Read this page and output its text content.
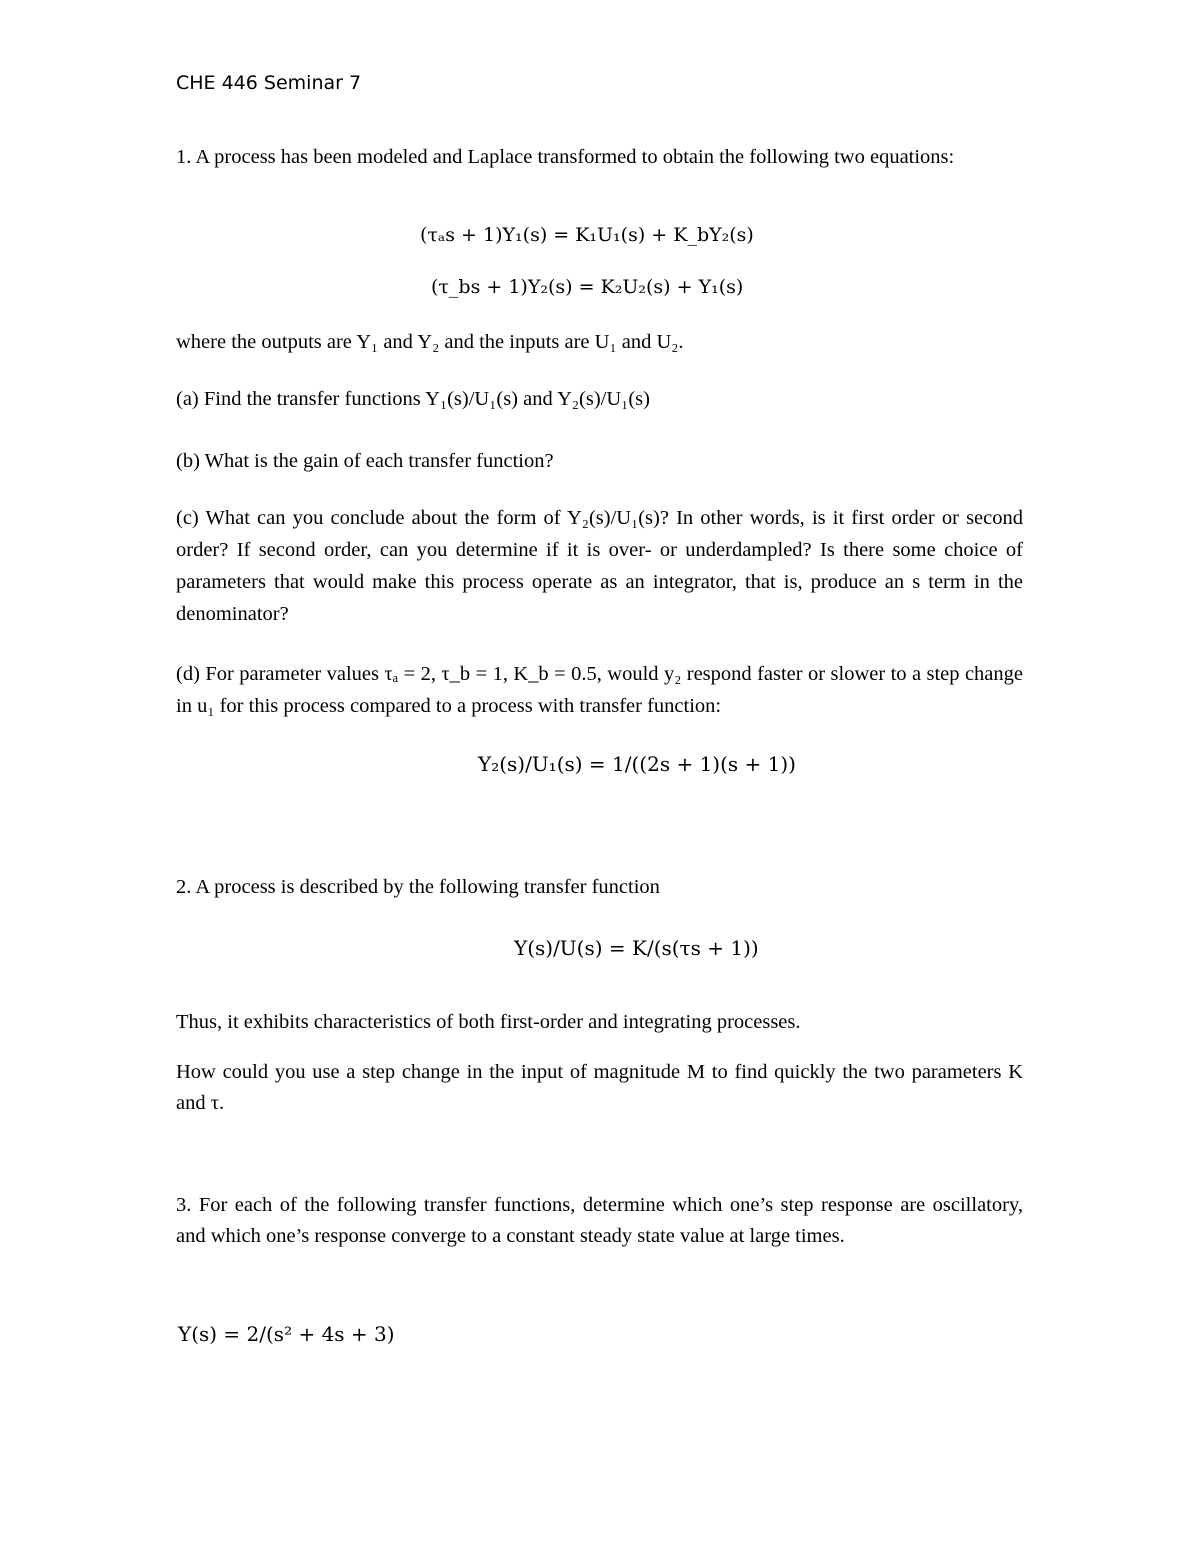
CHE 446 Seminar 7
1. A process has been modeled and Laplace transformed to obtain the following two equations:
(τₐs + 1)Y₁(s) = K₁U₁(s) + K_bY₂(s)
(τ_bs + 1)Y₂(s) = K₂U₂(s) + Y₁(s)
where the outputs are Y₁ and Y₂ and the inputs are U₁ and U₂.
(a) Find the transfer functions Y₁(s)/U₁(s) and Y₂(s)/U₁(s)
(b) What is the gain of each transfer function?
(c) What can you conclude about the form of Y₂(s)/U₁(s)? In other words, is it first order or second order? If second order, can you determine if it is over- or underdampled? Is there some choice of parameters that would make this process operate as an integrator, that is, produce an s term in the denominator?
(d) For parameter values τₐ = 2, τ_b = 1, K_b = 0.5, would y₂ respond faster or slower to a step change in u₁ for this process compared to a process with transfer function:
Y₂(s)/U₁(s) = 1/((2s + 1)(s + 1))
2. A process is described by the following transfer function
Y(s)/U(s) = K/(s(τs + 1))
Thus, it exhibits characteristics of both first-order and integrating processes.
How could you use a step change in the input of magnitude M to find quickly the two parameters K and τ.
3. For each of the following transfer functions, determine which one’s step response are oscillatory, and which one’s response converge to a constant steady state value at large times.
Y(s) = 2/(s² + 4s + 3)
